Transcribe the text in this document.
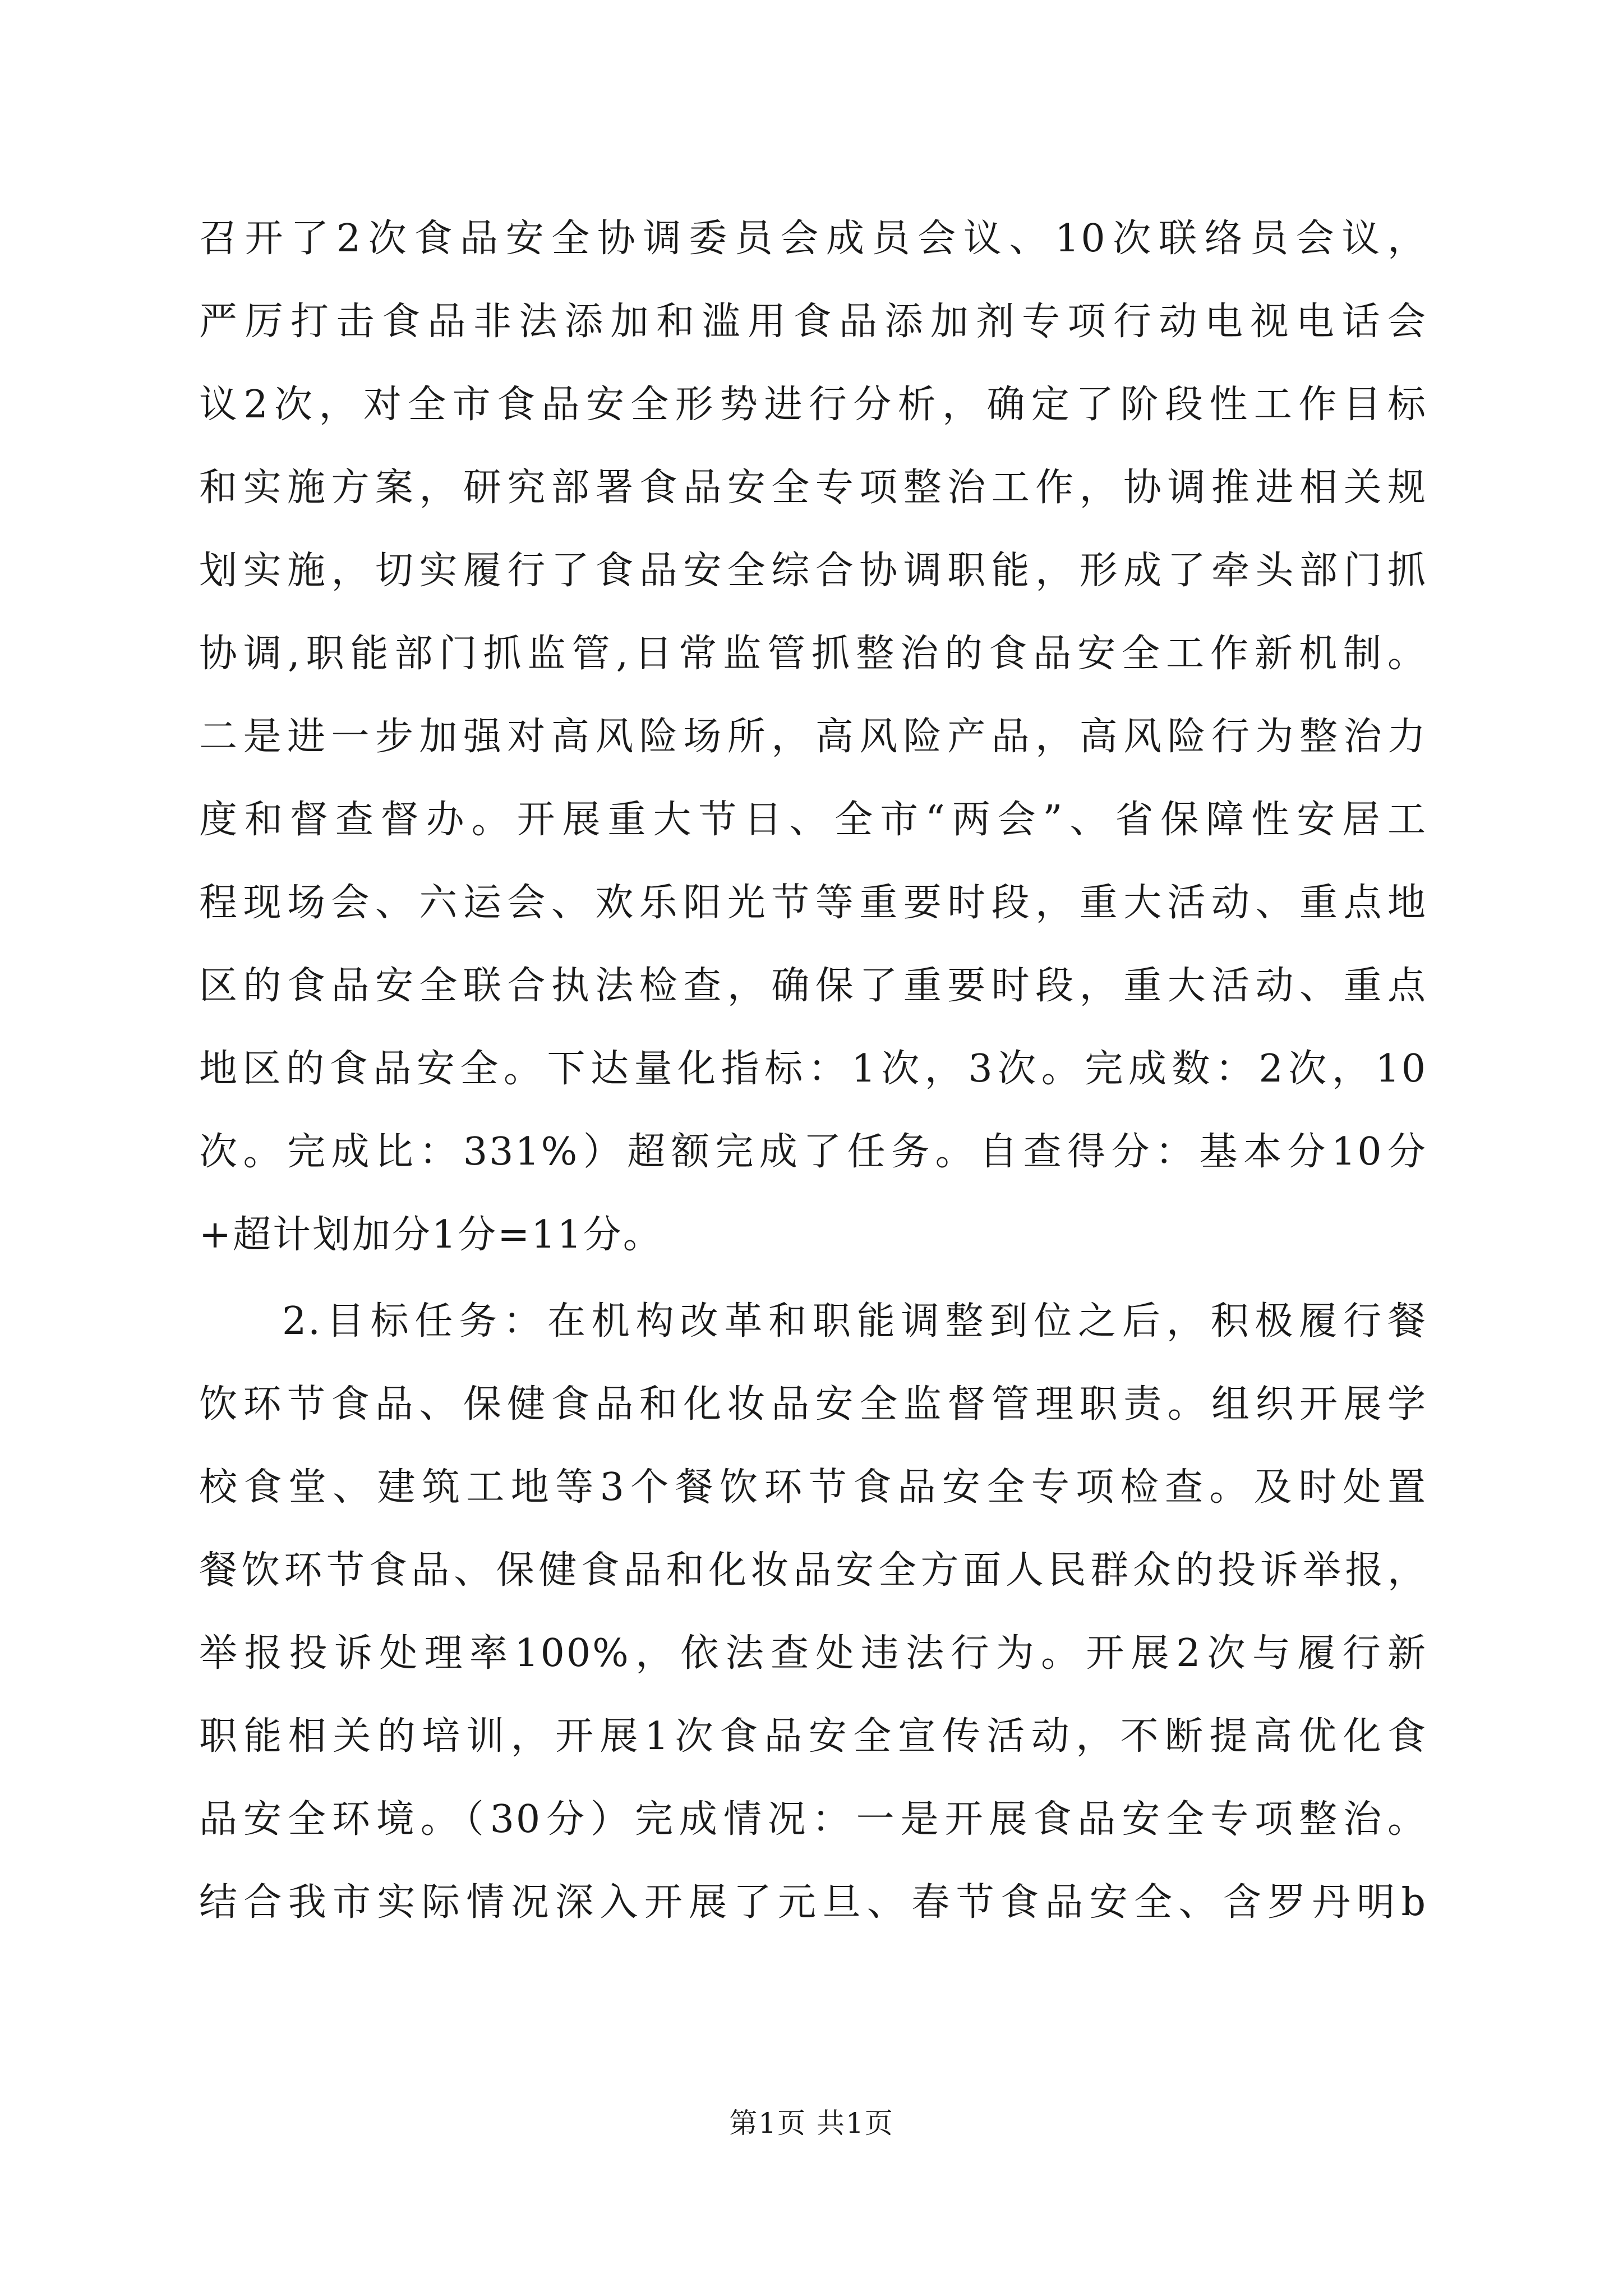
召开了2次食品安全协调委员会成员会议、10次联络员会议，
严厉打击食品非法添加和滥用食品添加剂专项行动电视电话会
议2次，对全市食品安全形势进行分析，确定了阶段性工作目标
和实施方案，研究部署食品安全专项整治工作，协调推进相关规
划实施，切实履行了食品安全综合协调职能，形成了牵头部门抓
协调,职能部门抓监管,日常监管抓整治的食品安全工作新机制。
二是进一步加强对高风险场所，高风险产品，高风险行为整治力
度和督查督办。开展重大节日、全市“两会”、省保障性安居工
程现场会、六运会、欢乐阳光节等重要时段，重大活动、重点地
区的食品安全联合执法检查，确保了重要时段，重大活动、重点
地区的食品安全。下达量化指标：1次，3次。完成数：2次，10
次。完成比：331%）超额完成了任务。自查得分：基本分10分
+超计划加分1分=11分。
2.目标任务：在机构改革和职能调整到位之后，积极履行餐
饮环节食品、保健食品和化妆品安全监督管理职责。组织开展学
校食堂、建筑工地等3个餐饮环节食品安全专项检查。及时处置
餐饮环节食品、保健食品和化妆品安全方面人民群众的投诉举报，
举报投诉处理率100%，依法查处违法行为。开展2次与履行新
职能相关的培训，开展1次食品安全宣传活动，不断提高优化食
品安全环境。（30分）完成情况：一是开展食品安全专项整治。
结合我市实际情况深入开展了元旦、春节食品安全、含罗丹明b
第1页 共1页
